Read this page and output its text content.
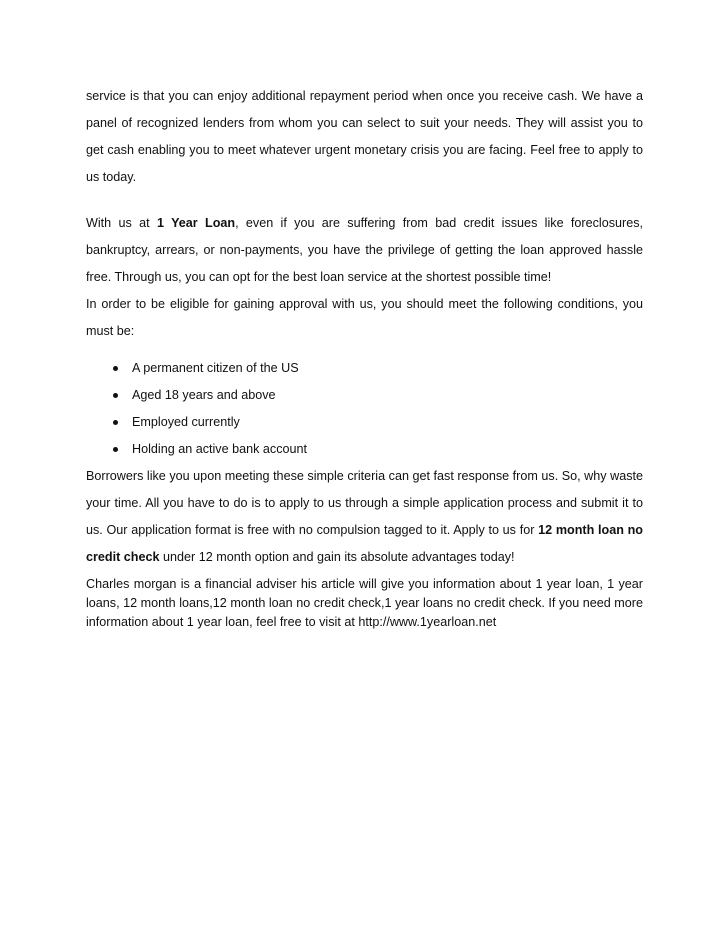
service is that you can enjoy additional repayment period when once you receive cash. We have a panel of recognized lenders from whom you can select to suit your needs. They will assist you to get cash enabling you to meet whatever urgent monetary crisis you are facing. Feel free to apply to us today.

With us at 1 Year Loan, even if you are suffering from bad credit issues like foreclosures, bankruptcy, arrears, or non-payments, you have the privilege of getting the loan approved hassle free. Through us, you can opt for the best loan service at the shortest possible time!

In order to be eligible for gaining approval with us, you should meet the following conditions, you must be:

A permanent citizen of the US
Aged 18 years and above
Employed currently
Holding an active bank account

Borrowers like you upon meeting these simple criteria can get fast response from us. So, why waste your time. All you have to do is to apply to us through a simple application process and submit it to us. Our application format is free with no compulsion tagged to it. Apply to us for 12 month loan no credit check under 12 month option and gain its absolute advantages today!

Charles morgan is a financial adviser his article will give you information about 1 year loan, 1 year loans, 12 month loans,12 month loan no credit check,1 year loans no credit check. If you need more information about 1 year loan, feel free to visit at http://www.1yearloan.net
